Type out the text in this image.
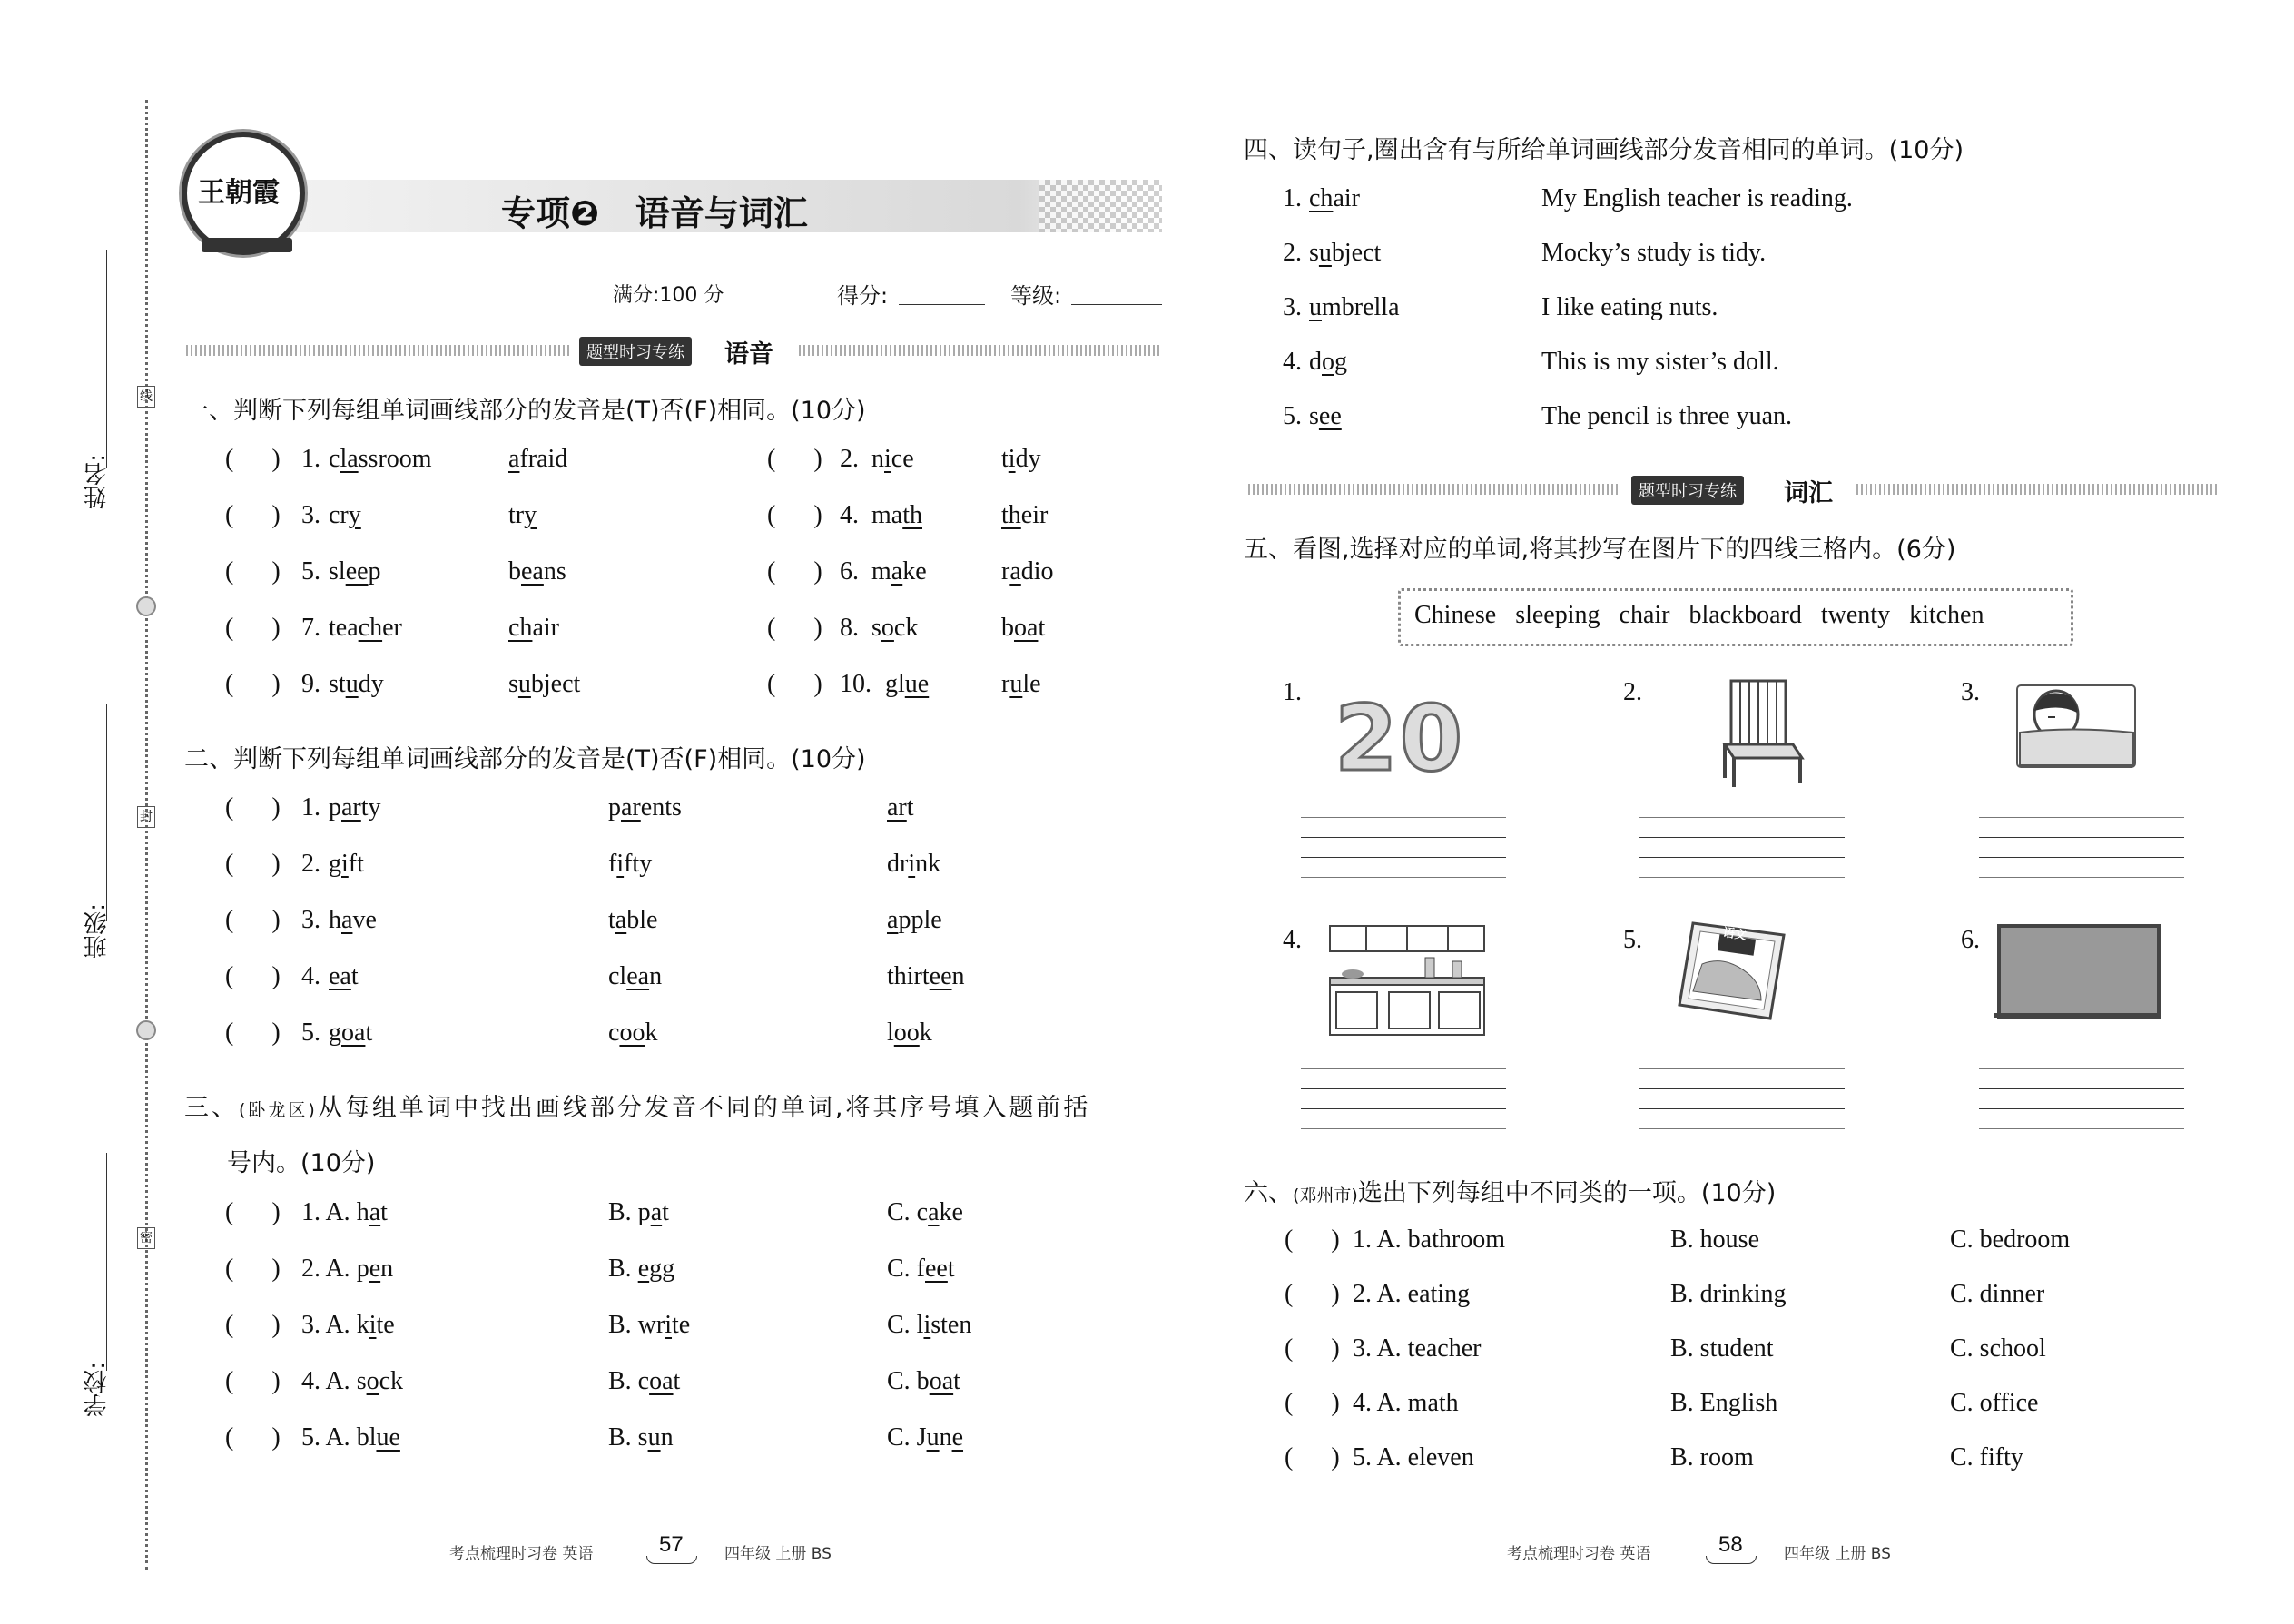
线
封
密
姓名:
班级:
学校:
王朝霞
专项❷ 语音与词汇
满分:100 分	得分:	等级:
题型时习专练 语音
一、判断下列每组单词画线部分的发音是(T)否(F)相同。(10分)
(      ) 1. classroom	afraid	(      ) 2. nice	tidy
(      ) 3. cry	try	(      ) 4. math	their
(      ) 5. sleep	beans	(      ) 6. make	radio
(      ) 7. teacher	chair	(      ) 8. sock	boat
(      ) 9. study	subject	(      ) 10. glue	rule
二、判断下列每组单词画线部分的发音是(T)否(F)相同。(10分)
(      ) 1. party	parents	art
(      ) 2. gift	fifty	drink
(      ) 3. have	table	apple
(      ) 4. eat	clean	thirteen
(      ) 5. goat	cook	look
三、(卧龙区)从每组单词中找出画线部分发音不同的单词,将其序号填入题前括
号内。(10分)
(      ) 1. A. hat	B. pat	C. cake
(      ) 2. A. pen	B. egg	C. feet
(      ) 3. A. kite	B. write	C. listen
(      ) 4. A. sock	B. coat	C. boat
(      ) 5. A. blue	B. sun	C. June
考点梳理时习卷 英语	57	四年级 上册 BS
四、读句子,圈出含有与所给单词画线部分发音相同的单词。(10分)
1. chair	My English teacher is reading.
2. subject	Mocky’s study is tidy.
3. umbrella	I like eating nuts.
4. dog	This is my sister’s doll.
5. see	The pencil is three yuan.
题型时习专练 词汇
五、看图,选择对应的单词,将其抄写在图片下的四线三格内。(6分)
Chinese   sleeping   chair   blackboard   twenty   kitchen
1. 20	2.	3.
4.	5.	语文	6.
六、(邓州市)选出下列每组中不同类的一项。(10分)
(      ) 1. A. bathroom	B. house	C. bedroom
(      ) 2. A. eating	B. drinking	C. dinner
(      ) 3. A. teacher	B. student	C. school
(      ) 4. A. math	B. English	C. office
(      ) 5. A. eleven	B. room	C. fifty
考点梳理时习卷 英语	58	四年级 上册 BS
